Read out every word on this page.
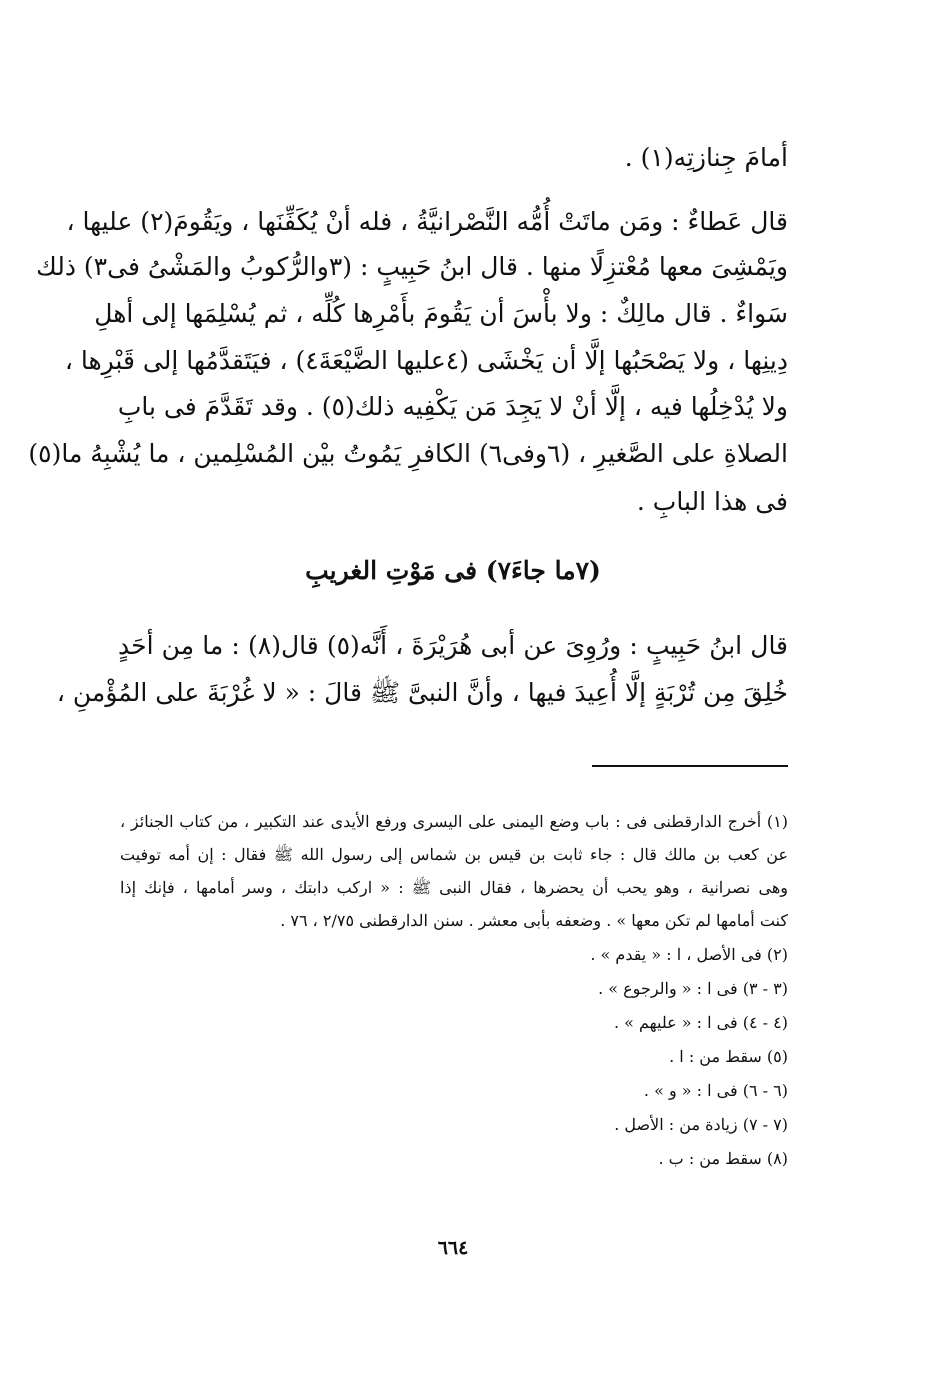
أمامَ جِنازتِه(١) .
قال عَطاءٌ : ومَن ماتَتْ أُمُّه النَّصْرانيَّةُ ، فله أنْ يُكَفِّنَها ، ويَقُومَ(٢) عليها ،
ويَمْشِىَ معها مُعْتزِلًا منها . قال ابنُ حَبِيبٍ : (٣والرُّكوبُ والمَشْىُ فى٣) ذلك
سَواءٌ . قال مالِكٌ : ولا بأْسَ أن يَقُومَ بأَمْرِها كُلِّه ، ثم يُسْلِمَها إلى أهلِ
دِينِها ، ولا يَصْحَبُها إلَّا أن يَخْشَى (٤عليها الضَّيْعَةَ٤) ، فيَتَقدَّمُها إلى قَبْرِها ،
ولا يُدْخِلُها فيه ، إلَّا أنْ لا يَجِدَ مَن يَكْفِيه ذلك(٥) . وقد تَقَدَّمَ فى بابِ
الصلاةِ على الصَّغيرِ ، (٦وفى٦) الكافرِ يَمُوتُ بيْن المُسْلِمين ، ما يُشْبِهُ ما(٥)
فى هذا البابِ .
(٧ما جاءَ٧) فى مَوْتِ الغريبِ
قال ابنُ حَبِيبٍ : ورُوِىَ عن أبى هُرَيْرَةَ ، أَنَّه(٥) قال(٨) : ما مِن أحَدٍ
خُلِقَ مِن تُرْبَةٍ إلَّا أُعِيدَ فيها ، وأنَّ النبىَّ ﷺ قالَ : « لا غُرْبَةَ على المُؤْمنِ ،
(١) أخرج الدارقطنى فى : باب وضع اليمنى على اليسرى ورفع الأيدى عند التكبير ، من كتاب الجنائز ،
عن كعب بن مالك قال : جاء ثابت بن قيس بن شماس إلى رسول الله ﷺ فقال : إن أمه توفيت
وهى نصرانية ، وهو يحب أن يحضرها ، فقال النبى ﷺ : « اركب دابتك ، وسر أمامها ، فإنك إذا
كنت أمامها لم تكن معها » . وضعفه بأبى معشر . سنن الدارقطنى ٢/٧٥ ، ٧٦ .
(٢) فى الأصل ، ا : « يقدم » .
(٣ - ٣) فى ا : « والرجوع » .
(٤ - ٤) فى ا : « عليهم » .
(٥) سقط من : ا .
(٦ - ٦) فى ا : « و » .
(٧ - ٧) زيادة من : الأصل .
(٨) سقط من : ب .
٦٦٤
